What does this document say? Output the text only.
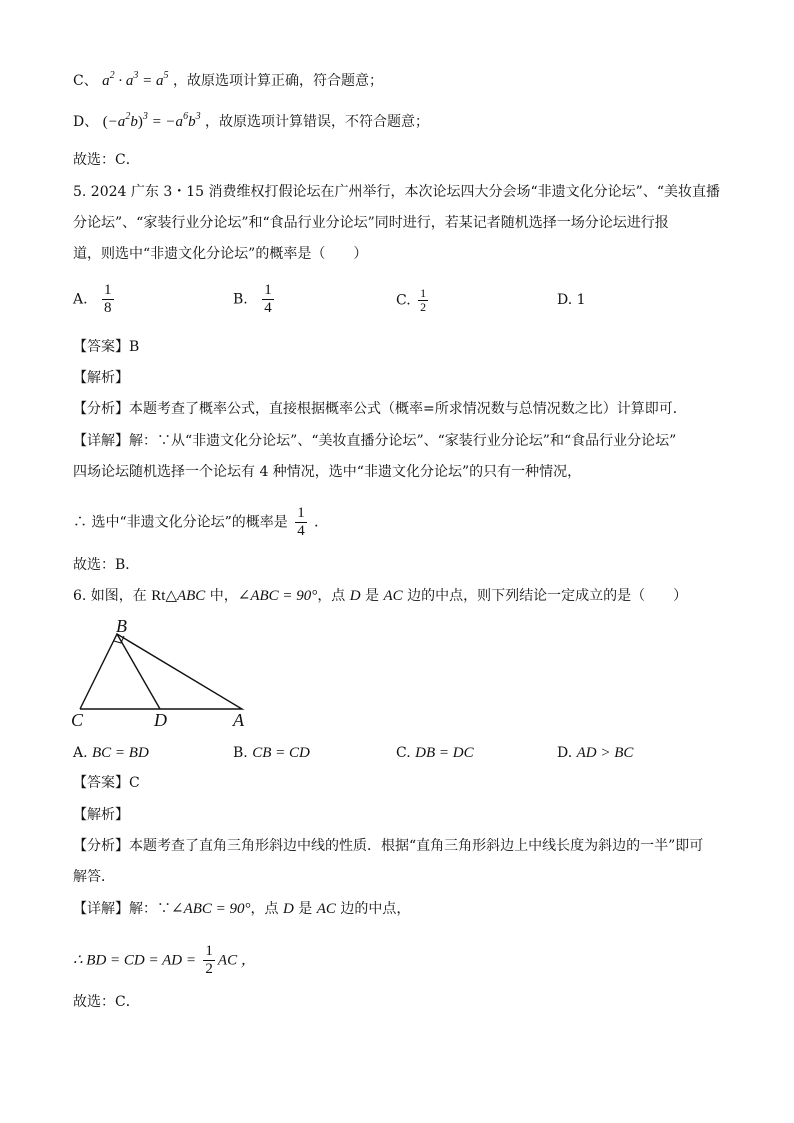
C、 $a^2 \cdot a^3 = a^5$ ，故原选项计算正确，符合题意；
D、 $(-a^2b)^3 = -a^6b^3$ ，故原选项计算错误，不符合题意；
故选：C．
5. 2024 广东 3・15 消费维权打假论坛在广州举行，本次论坛四大分会场“非遗文化分论坛”、“美妆直播
分论坛”、“家装行业分论坛”和“食品行业分论坛”同时进行，若某记者随机选择一场分论坛进行报
道，则选中“非遗文化分论坛”的概率是（　　）
A. $\frac{1}{8}$	B. $\frac{1}{4}$	C. $\frac{1}{2}$	D. 1
【答案】B
【解析】
【分析】本题考查了概率公式，直接根据概率公式（概率=所求情况数与总情况数之比）计算即可．
【详解】解：∵从“非遗文化分论坛”、“美妆直播分论坛”、“家装行业分论坛”和“食品行业分论坛”
四场论坛随机选择一个论坛有 4 种情况，选中“非遗文化分论坛”的只有一种情况，
∴ 选中“非遗文化分论坛”的概率是 $\frac{1}{4}$ ．
故选：B．
6. 如图，在 Rt△ABC 中，∠ABC = 90°，点 D 是 AC 边的中点，则下列结论一定成立的是（　　）
B
C	D	A
A. BC = BD	B. CB = CD	C. DB = DC	D. AD > BC
【答案】C
【解析】
【分析】本题考查了直角三角形斜边中线的性质．根据“直角三角形斜边上中线长度为斜边的一半”即可
解答．
【详解】解：∵∠ABC = 90°，点 D 是 AC 边的中点，
∴ BD = CD = AD = $\frac{1}{2}$ AC ，
故选：C．
